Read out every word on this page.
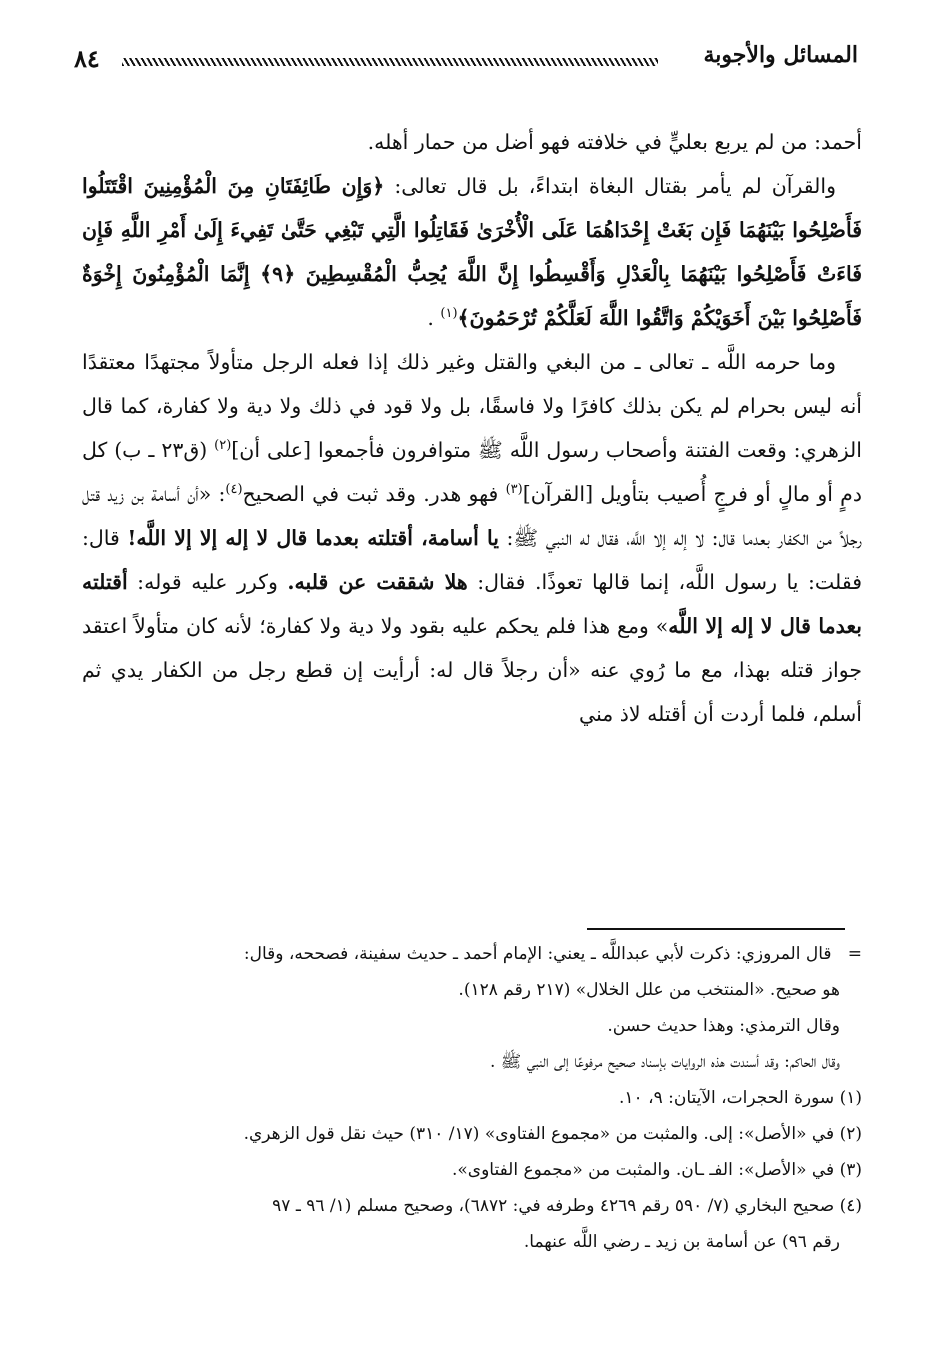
المسائل والأجوبة
٨٤

أحمد: من لم يربع بعليٍّ في خلافته فهو أضل من حمار أهله.

والقرآن لم يأمر بقتال البغاة ابتداءً، بل قال تعالى: ﴿وَإِن طَائِفَتَانِ مِنَ الْمُؤْمِنِينَ اقْتَتَلُوا فَأَصْلِحُوا بَيْنَهُمَا فَإِن بَغَتْ إِحْدَاهُمَا عَلَى الْأُخْرَىٰ فَقَاتِلُوا الَّتِي تَبْغِي حَتَّىٰ تَفِيءَ إِلَىٰ أَمْرِ اللَّهِ فَإِن فَاءَتْ فَأَصْلِحُوا بَيْنَهُمَا بِالْعَدْلِ وَأَقْسِطُوا إِنَّ اللَّهَ يُحِبُّ الْمُقْسِطِينَ ﴿٩﴾ إِنَّمَا الْمُؤْمِنُونَ إِخْوَةٌ فَأَصْلِحُوا بَيْنَ أَخَوَيْكُمْ وَاتَّقُوا اللَّهَ لَعَلَّكُمْ تُرْحَمُونَ﴾$^{(١)}$ .

وما حرمه اللَّه ـ تعالى ـ من البغي والقتل وغير ذلك إذا فعله الرجل متأولاً مجتهدًا معتقدًا أنه ليس بحرام لم يكن بذلك كافرًا ولا فاسقًا، بل ولا قود في ذلك ولا دية ولا كفارة، كما قال الزهري: وقعت الفتنة وأصحاب رسول اللَّه ﷺ متوافرون فأجمعوا [على أن]$^{(٢)}$ (ق٢٣ ـ ب) كل دمٍ أو مالٍ أو فرجٍ أُصيب بتأويل [القرآن]$^{(٣)}$ فهو هدر. وقد ثبت في الصحيح$^{(٤)}$: «أن أسامة بن زيد قتل رجلاً من الكفار بعدما قال: لا إله إلا اللَّه، فقال له النبي ﷺ: يا أسامة، أقتلته بعدما قال لا إله إلا إلا اللَّه! قال: فقلت: يا رسول اللَّه، إنما قالها تعوذًا. فقال: هلا شققت عن قلبه. وكرر عليه قوله: أقتلته بعدما قال لا إله إلا اللَّه» ومع هذا فلم يحكم عليه بقود ولا دية ولا كفارة؛ لأنه كان متأولاً اعتقد جواز قتله بهذا، مع ما رُوي عنه «أن رجلاً قال له: أرأيت إن قطع رجل من الكفار يدي ثم أسلم، فلما أردت أن أقتله لاذ مني

=   قال المروزي: ذكرت لأبي عبداللَّه ـ يعني: الإمام أحمد ـ حديث سفينة، فصححه، وقال:

هو صحيح. «المنتخب من علل الخلال» (٢١٧ رقم ١٢٨).

وقال الترمذي: وهذا حديث حسن.

وقال الحاكم: وقد أسندت هذه الروايات بإسناد صحيح مرفوعًا إلى النبي ﷺ .

(١) سورة الحجرات، الآيتان: ٩، ١٠.

(٢) في «الأصل»: إلى. والمثبت من «مجموع الفتاوى» (١٧/ ٣١٠) حيث نقل قول الزهري.

(٣) في «الأصل»: الفـ ـان. والمثبت من «مجموع الفتاوى».

(٤) صحيح البخاري (٧/ ٥٩٠ رقم ٤٢٦٩ وطرفه في: ٦٨٧٢)، وصحيح مسلم (١/ ٩٦ ـ ٩٧

رقم ٩٦) عن أسامة بن زيد ـ رضي اللَّه عنهما.
